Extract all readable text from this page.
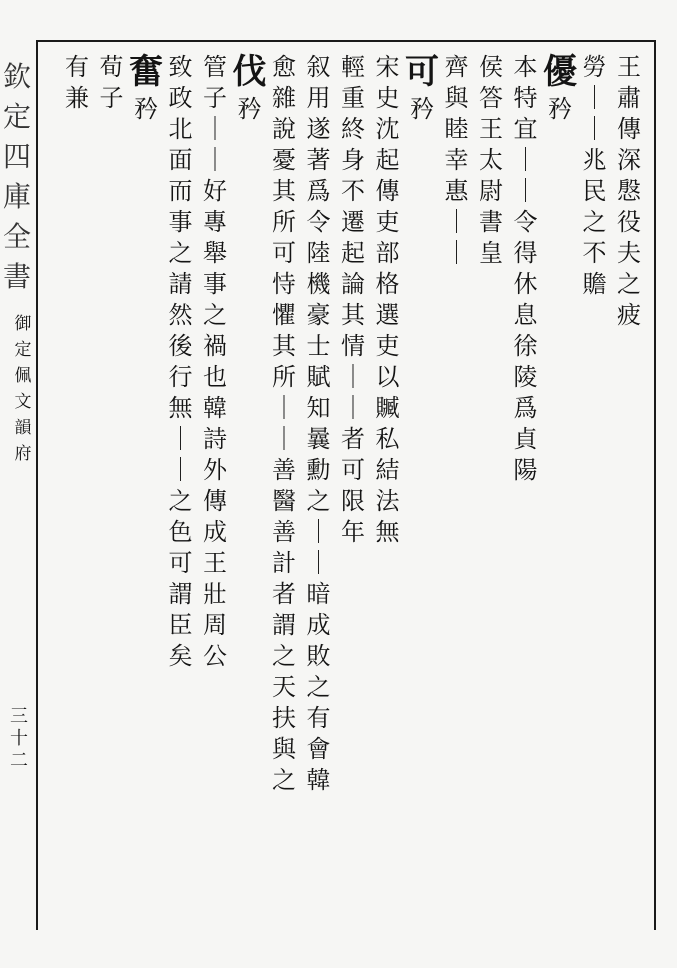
欽
定
四
庫
全
書
御
定
佩
文
韻
府
三十二
王
肅
傳
深
慇
役
夫
之
疲
勞
｜
｜
兆
民
之
不
贍
優
矜
本
特
宜
｜
｜
令
得
休
息
徐
陵
爲
貞
陽
侯
答
王
太
尉
書
皇
齊
與
睦
幸
惠
｜
｜
可
矜
宋
史
沈
起
傳
吏
部
格
選
吏
以
贓
私
結
法
無
輕
重
終
身
不
遷
起
論
其
情
｜
｜
者
可
限
年
叙
用
遂
著
爲
令
陸
機
豪
士
賦
知
曩
勳
之
｜
｜
暗
成
敗
之
有
會
韓
愈
雜
說
憂
其
所
可
恃
懼
其
所
｜
｜
善
醫
善
計
者
謂
之
天
扶
與
之
伐
矜
管
子
｜
｜
好
專
舉
事
之
禍
也
韓
詩
外
傳
成
王
壯
周
公
致
政
北
面
而
事
之
請
然
後
行
無
｜
｜
之
色
可
謂
臣
矣
奮
矜
荀
子
有
兼
